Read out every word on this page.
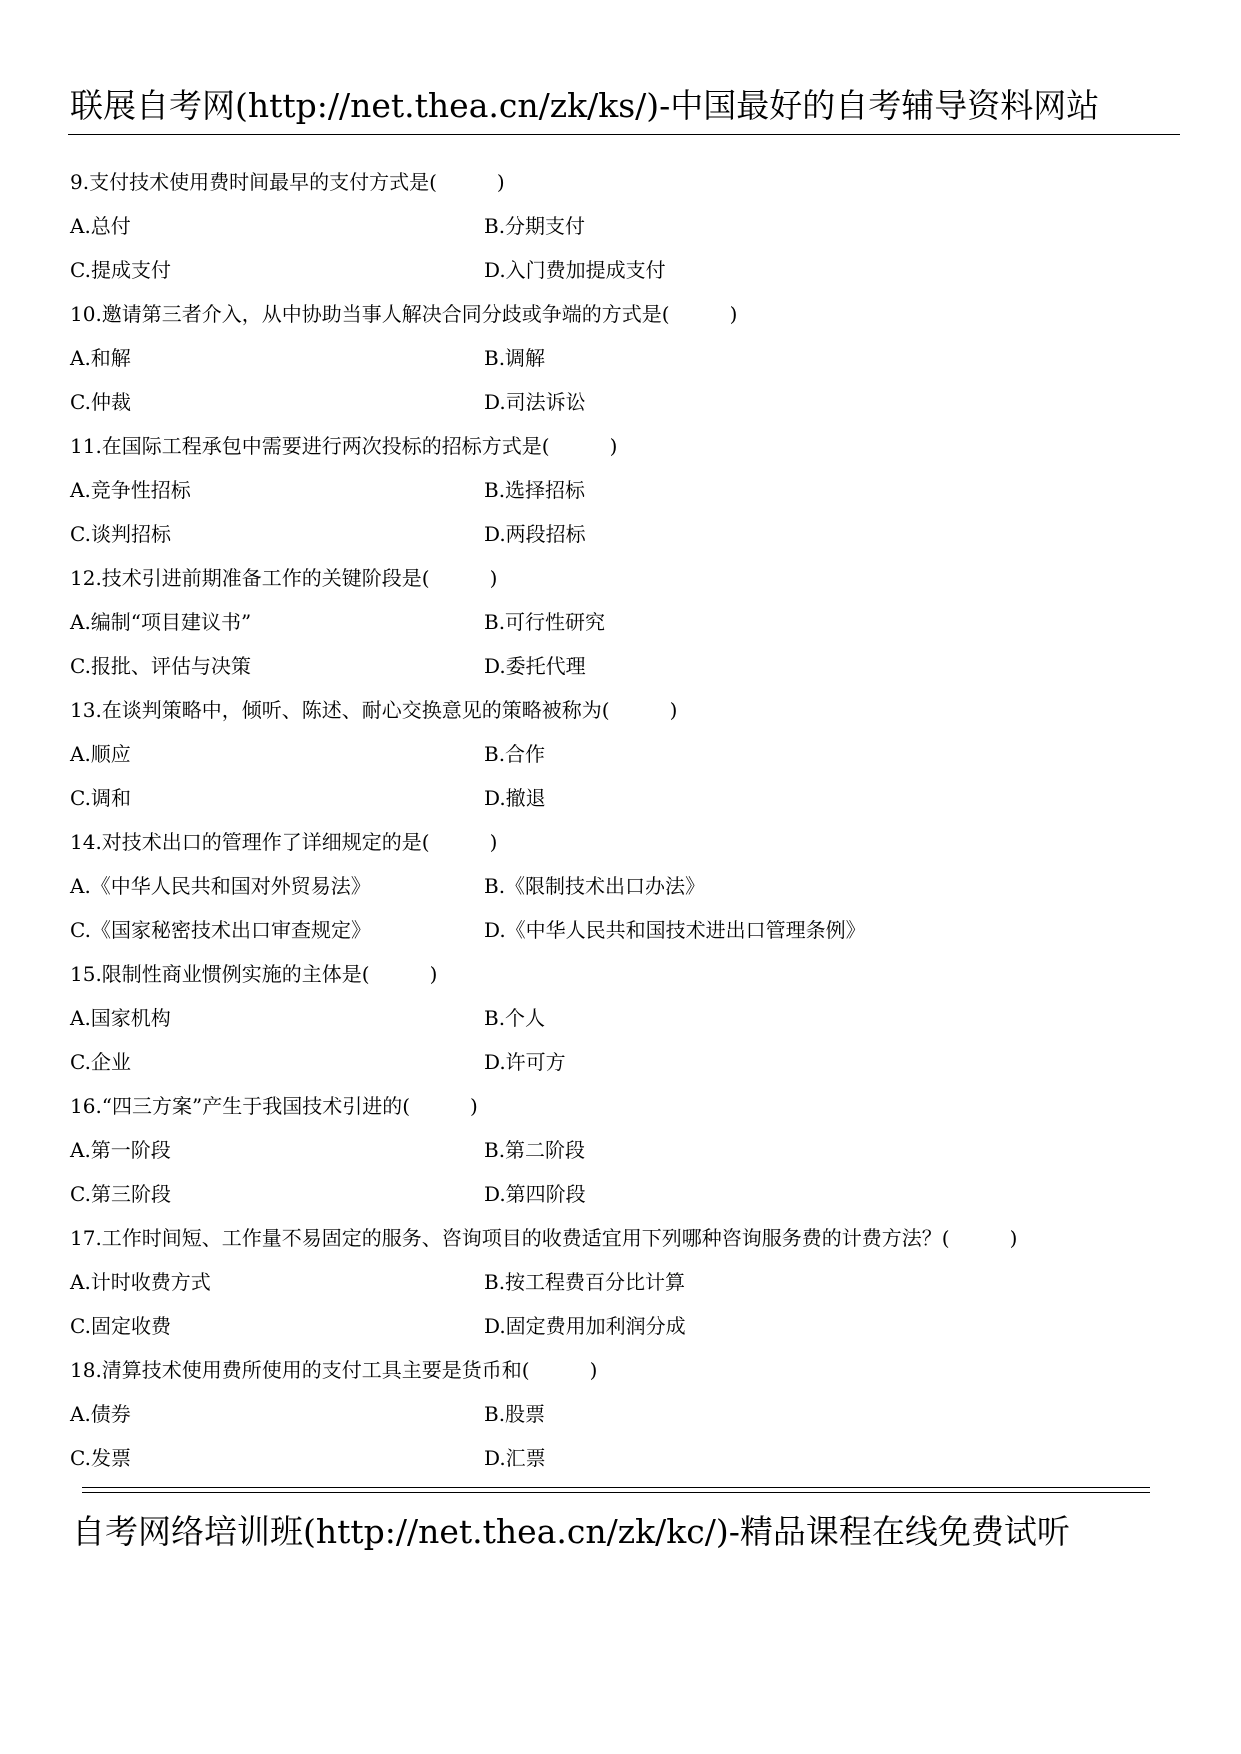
联展自考网(http://net.thea.cn/zk/ks/)-中国最好的自考辅导资料网站
9.支付技术使用费时间最早的支付方式是(　　　)
A.总付	B.分期支付
C.提成支付	D.入门费加提成支付
10.邀请第三者介入，从中协助当事人解决合同分歧或争端的方式是(　　　)
A.和解	B.调解
C.仲裁	D.司法诉讼
11.在国际工程承包中需要进行两次投标的招标方式是(　　　)
A.竞争性招标	B.选择招标
C.谈判招标	D.两段招标
12.技术引进前期准备工作的关键阶段是(　　　)
A.编制“项目建议书”	B.可行性研究
C.报批、评估与决策	D.委托代理
13.在谈判策略中，倾听、陈述、耐心交换意见的策略被称为(　　　)
A.顺应	B.合作
C.调和	D.撤退
14.对技术出口的管理作了详细规定的是(　　　)
A.《中华人民共和国对外贸易法》	B.《限制技术出口办法》
C.《国家秘密技术出口审查规定》	D.《中华人民共和国技术进出口管理条例》
15.限制性商业惯例实施的主体是(　　　)
A.国家机构	B.个人
C.企业	D.许可方
16.“四三方案”产生于我国技术引进的(　　　)
A.第一阶段	B.第二阶段
C.第三阶段	D.第四阶段
17.工作时间短、工作量不易固定的服务、咨询项目的收费适宜用下列哪种咨询服务费的计费方法？(　　　)
A.计时收费方式	B.按工程费百分比计算
C.固定收费	D.固定费用加利润分成
18.清算技术使用费所使用的支付工具主要是货币和(　　　)
A.债券	B.股票
C.发票	D.汇票
自考网络培训班(http://net.thea.cn/zk/kc/)-精品课程在线免费试听
